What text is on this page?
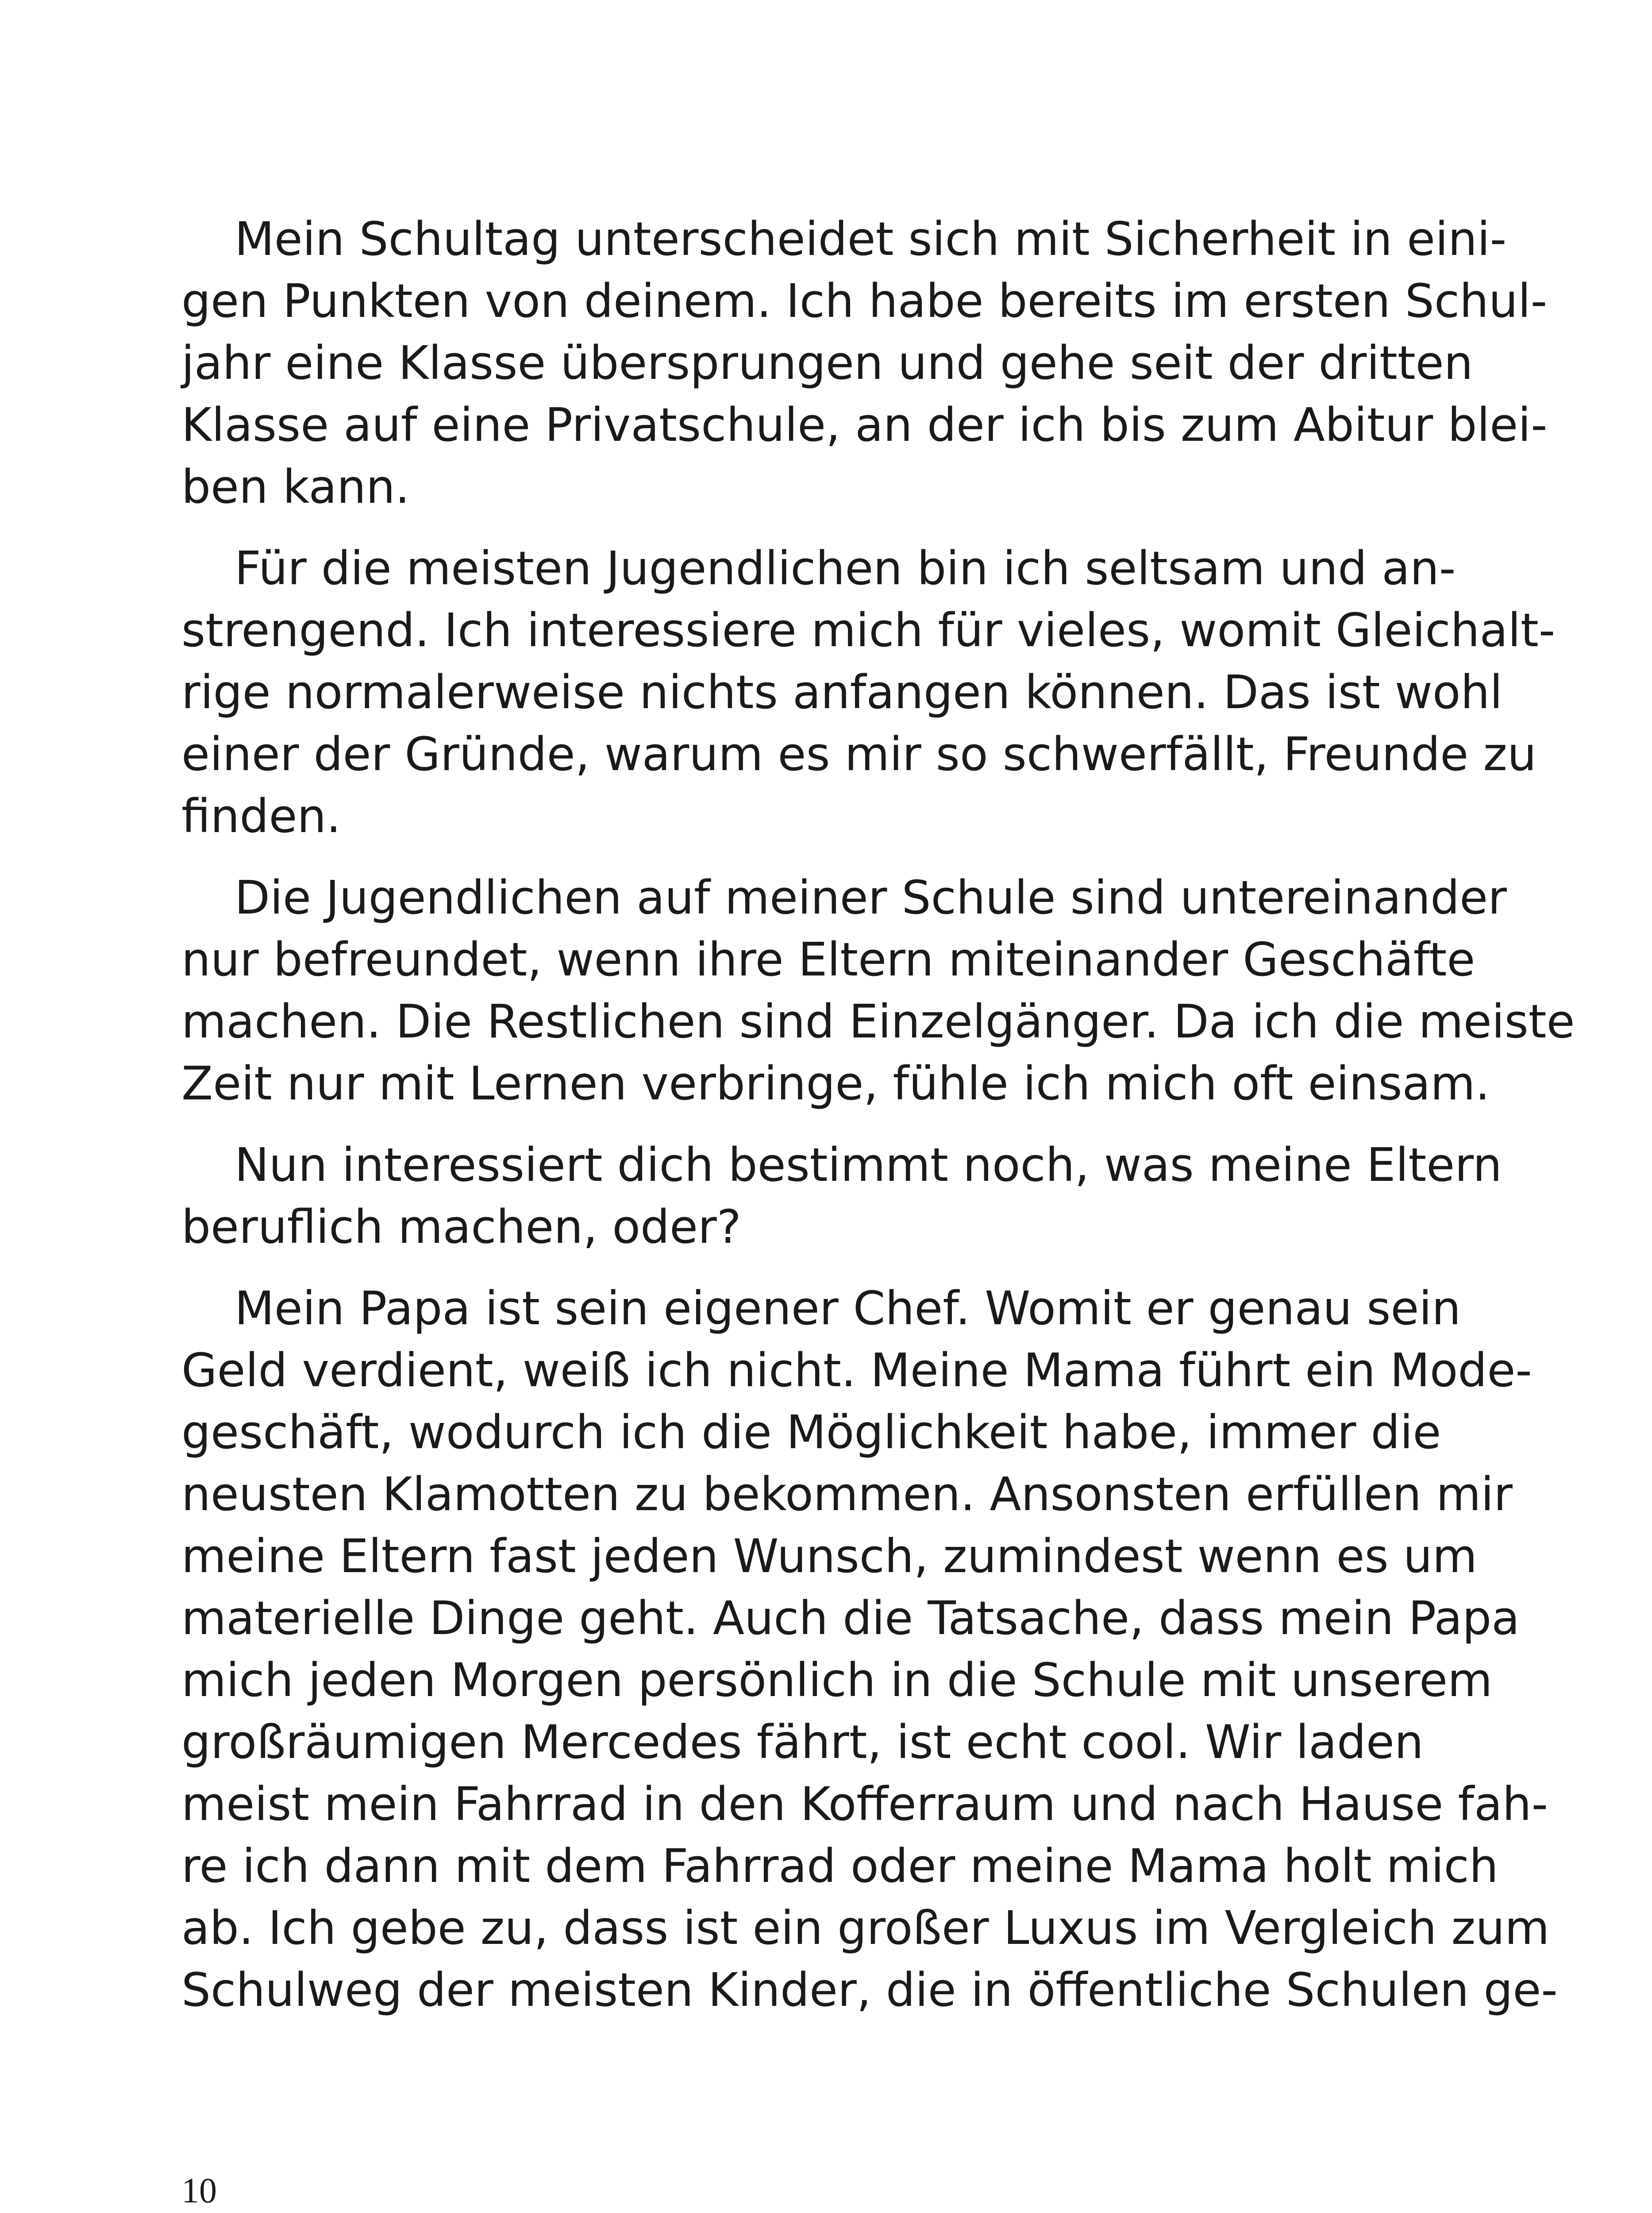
Mein Schultag unterscheidet sich mit Sicherheit in eini-
gen Punkten von deinem. Ich habe bereits im ersten Schul-
jahr eine Klasse übersprungen und gehe seit der dritten
Klasse auf eine Privatschule, an der ich bis zum Abitur blei-
ben kann.

Für die meisten Jugendlichen bin ich seltsam und an-
strengend. Ich interessiere mich für vieles, womit Gleichalt-
rige normalerweise nichts anfangen können. Das ist wohl
einer der Gründe, warum es mir so schwerfällt, Freunde zu
finden.

Die Jugendlichen auf meiner Schule sind untereinander
nur befreundet, wenn ihre Eltern miteinander Geschäfte
machen. Die Restlichen sind Einzelgänger. Da ich die meiste
Zeit nur mit Lernen verbringe, fühle ich mich oft einsam.

Nun interessiert dich bestimmt noch, was meine Eltern
beruflich machen, oder?

Mein Papa ist sein eigener Chef. Womit er genau sein
Geld verdient, weiß ich nicht. Meine Mama führt ein Mode-
geschäft, wodurch ich die Möglichkeit habe, immer die
neusten Klamotten zu bekommen. Ansonsten erfüllen mir
meine Eltern fast jeden Wunsch, zumindest wenn es um
materielle Dinge geht. Auch die Tatsache, dass mein Papa
mich jeden Morgen persönlich in die Schule mit unserem
großräumigen Mercedes fährt, ist echt cool. Wir laden
meist mein Fahrrad in den Kofferraum und nach Hause fah-
re ich dann mit dem Fahrrad oder meine Mama holt mich
ab. Ich gebe zu, dass ist ein großer Luxus im Vergleich zum
Schulweg der meisten Kinder, die in öffentliche Schulen ge-

10
